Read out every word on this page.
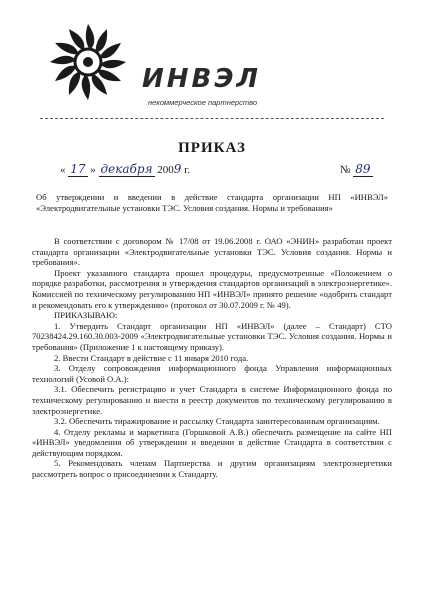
ИНВЭЛ
некоммерческое партнерство
ПРИКАЗ
« 17 » декабря 2009 г.	№ 89
Об утверждении и введении в действие стандарта организации НП «ИНВЭЛ» «Электродвигательные установки ТЭС. Условия создания. Нормы и требования»

В соответствии с договором № 17/08 от 19.06.2008 г. ОАО «ЭНИН» разработан проект стандарта организации «Электродвигательные установки ТЭС. Условия создания. Нормы и требования».

Проект указанного стандарта прошел процедуры, предусмотренные «Положением о порядке разработки, рассмотрения и утверждения стандартов организаций в электроэнергетике». Комиссией по техническому регулированию НП «ИНВЭЛ» принято решение «одобрить стандарт и рекомендовать его к утверждению» (протокол от 30.07.2009 г. № 49).

ПРИКАЗЫВАЮ:

1. Утвердить Стандарт организации НП «ИНВЭЛ» (далее – Стандарт) СТО 70238424.29.160.30.003-2009 «Электродвигательные установки ТЭС. Условия создания. Нормы и требования» (Приложение 1 к настоящему приказу).

2. Ввести Стандарт в действие с 11 января 2010 года.

3. Отделу сопровождения информационного фонда Управления информационных технологий (Усовой О.А.):

3.1. Обеспечить регистрацию и учет Стандарта в системе Информационного фонда по техническому регулированию и внести в реестр документов по техническому регулированию в электроэнергетике.

3.2. Обеспечить тиражирование и рассылку Стандарта заинтересованным организациям.

4. Отделу рекламы и маркетинга (Горшковой А.В.) обеспечить размещение на сайте НП «ИНВЭЛ» уведомления об утверждении и введении в действие Стандарта в соответствии с действующим порядком.

5. Рекомендовать членам Партнерства и другим организациям электроэнергетики рассмотреть вопрос о присоединении к Стандарту.
